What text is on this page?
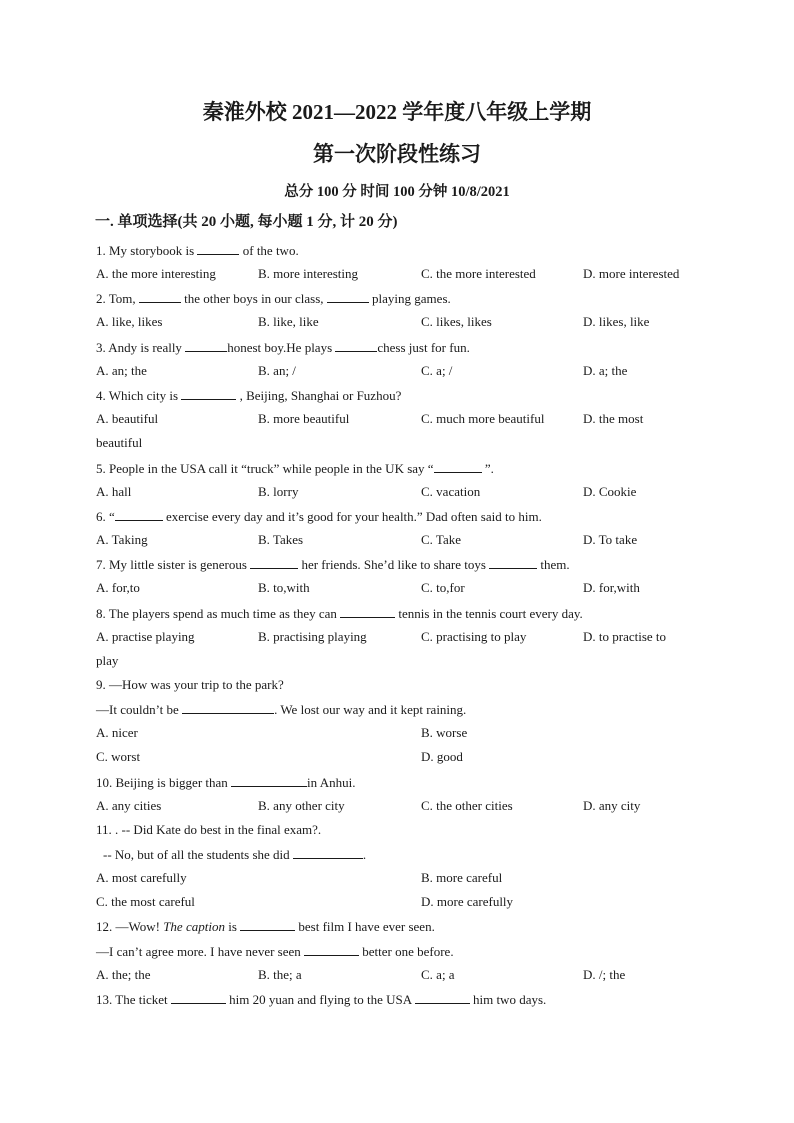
秦淮外校 2021—2022 学年度八年级上学期
第一次阶段性练习
总分 100 分 时间 100 分钟 10/8/2021
一. 单项选择(共 20 小题, 每小题 1 分, 计 20 分)
1. My storybook is	of the two.
A. the more interesting	B. more interesting	C. the more interested	D. more interested
2. Tom,	the other boys in our class,	playing games.
A. like, likes	B. like, like	C. likes, likes	D. likes, like
3. Andy is really	honest boy.He plays	chess just for fun.
A. an; the	B. an; /	C. a; /	D. a; the
4. Which city is	, Beijing, Shanghai or Fuzhou?
A. beautiful	B. more beautiful	C. much more beautiful	D. the most
beautiful
5. People in the USA call it “truck” while people in the UK say “	”.
A. hall	B. lorry	C. vacation	D. Cookie
6. “	exercise every day and it’s good for your health.” Dad often said to him.
A. Taking	B. Takes	C. Take	D. To take
7. My little sister is generous	her friends. She’d like to share toys	them.
A. for,to	B. to,with	C. to,for	D. for,with
8. The players spend as much time as they can	tennis in the tennis court every day.
A. practise playing	B. practising playing	C. practising to play	D. to practise to
play
9. —How was your trip to the park?
—It couldn’t be	. We lost our way and it kept raining.
A. nicer	B. worse
C. worst	D. good
10. Beijing is bigger than	in Anhui.
A. any cities	B. any other city	C. the other cities	D. any city
11. . -- Did Kate do best in the final exam?.
-- No, but of all the students she did	.
A. most carefully	B. more careful
C. the most careful	D. more carefully
12. —Wow! The caption is	best film I have ever seen.
—I can’t agree more. I have never seen	better one before.
A. the; the	B. the; a	C. a; a	D. /; the
13. The ticket	him 20 yuan and flying to the USA	him two days.
